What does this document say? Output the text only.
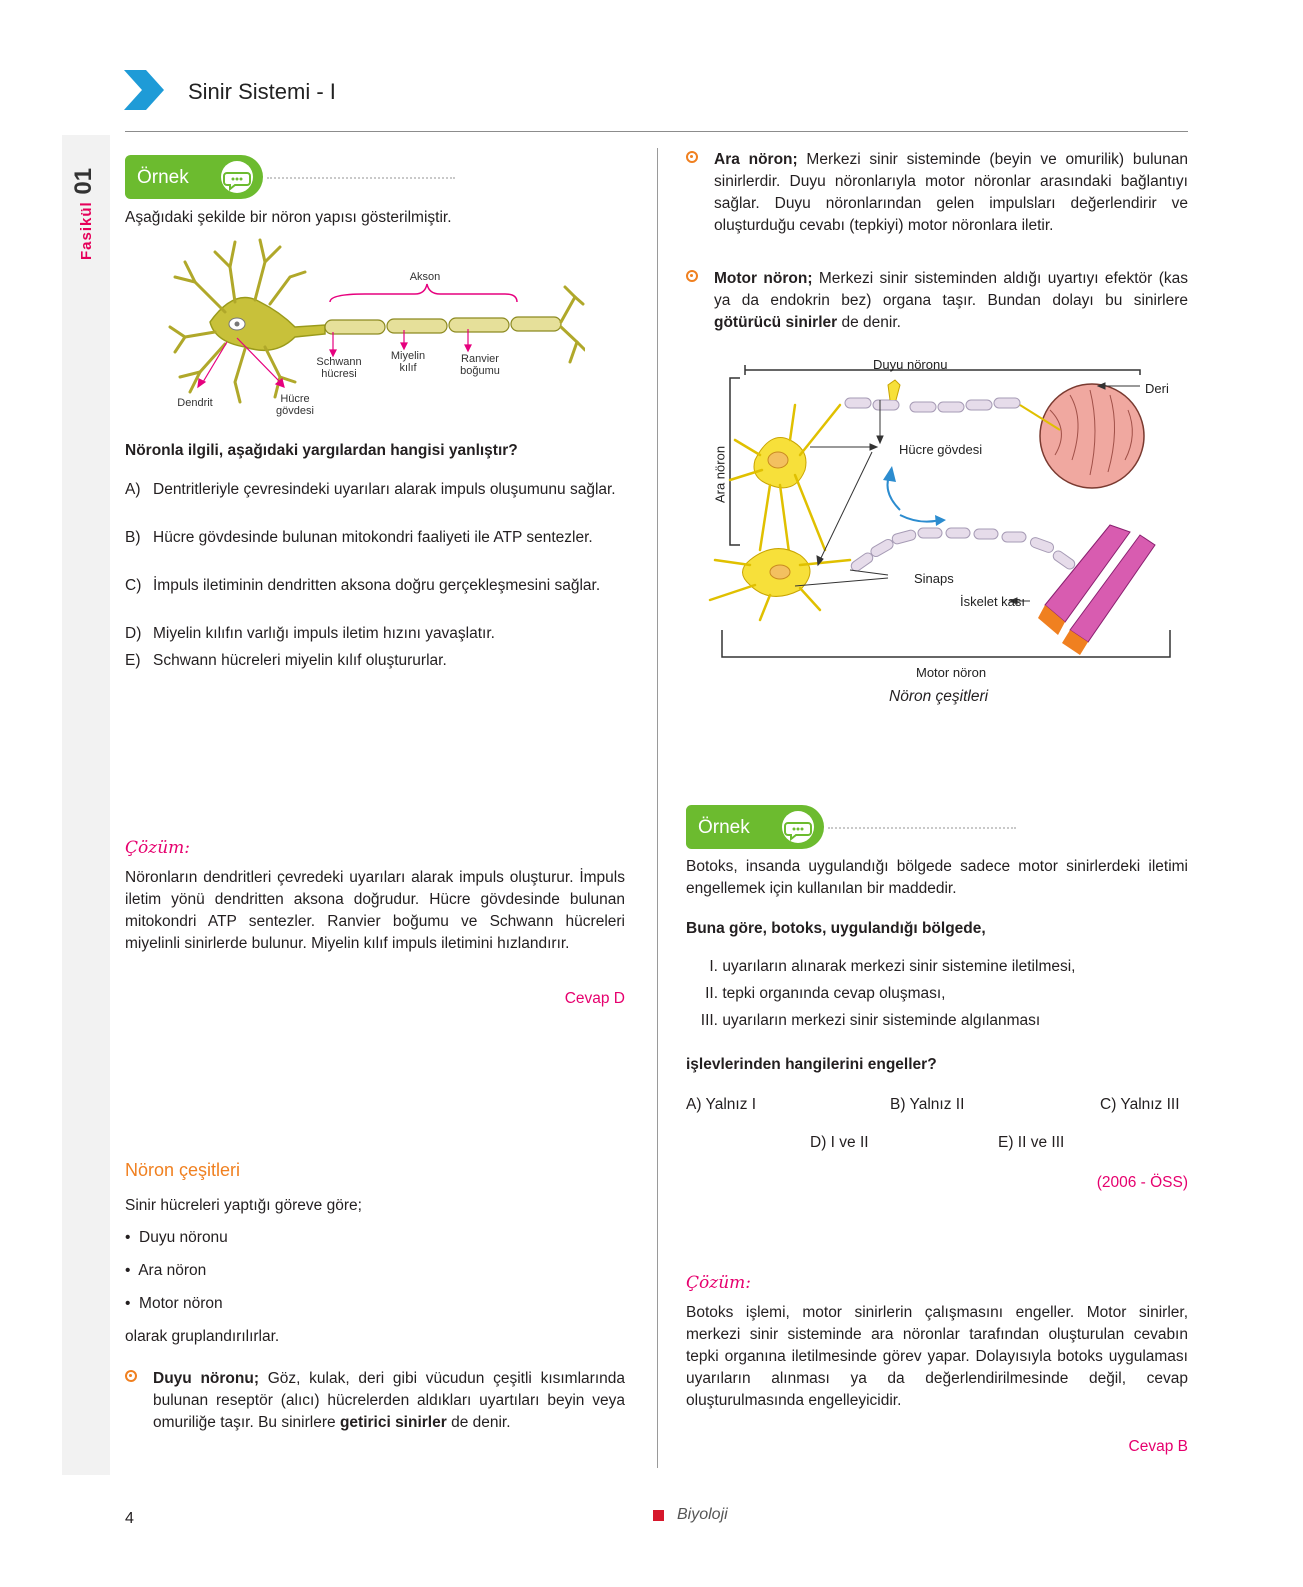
Sinir Sistemi - I
Fasikül 01 Örnek
Aşağıdaki şekilde bir nöron yapısı gösterilmiştir.
Akson
Schwann hücresi
Miyelin kılıf
Ranvier boğumu
Dendrit	Hücre gövdesi
Nöronla ilgili, aşağıdaki yargılardan hangisi yanlıştır?
A) Dentritleriyle çevresindeki uyarıları alarak impuls oluşumunu sağlar.
B) Hücre gövdesinde bulunan mitokondri faaliyeti ile ATP sentezler.
C) İmpuls iletiminin dendritten aksona doğru gerçekleşmesini sağlar.
D) Miyelin kılıfın varlığı impuls iletim hızını yavaşlatır.
E) Schwann hücreleri miyelin kılıf oluştururlar.
Çözüm:
Nöronların dendritleri çevredeki uyarıları alarak impuls oluşturur. İmpuls iletim yönü dendritten aksona doğrudur. Hücre gövdesinde bulunan mitokondri ATP sentezler. Ranvier boğumu ve Schwann hücreleri miyelinli sinirlerde bulunur. Miyelin kılıf impuls iletimini hızlandırır.
Cevap D
Nöron çeşitleri
Sinir hücreleri yaptığı göreve göre;
•  Duyu nöronu
•  Ara nöron
•  Motor nöron
olarak gruplandırılırlar.
Duyu nöronu; Göz, kulak, deri gibi vücudun çeşitli kısımlarında bulunan reseptör (alıcı) hücrelerden aldıkları uyartıları beyin veya omuriliğe taşır. Bu sinirlere getirici sinirler de denir.
Ara nöron; Merkezi sinir sisteminde (beyin ve omurilik) bulunan sinirlerdir. Duyu nöronlarıyla motor nöronlar arasındaki bağlantıyı sağlar. Duyu nöronlarından gelen impulsları değerlendirir ve oluşturduğu cevabı (tepkiyi) motor nöronlara iletir.
Motor nöron; Merkezi sinir sisteminden aldığı uyartıyı efektör (kas ya da endokrin bez) organa taşır. Bundan dolayı bu sinirlere götürücü sinirler de denir.
Duyu nöronu
Deri
Ara nöron	Hücre gövdesi
Sinaps
İskelet kası
Motor nöron
Nöron çeşitleri
Örnek
Botoks, insanda uygulandığı bölgede sadece motor sinirlerdeki iletimi engellemek için kullanılan bir maddedir.
Buna göre, botoks, uygulandığı bölgede,
I. uyarıların alınarak merkezi sinir sistemine iletilmesi,
II. tepki organında cevap oluşması,
III. uyarıların merkezi sinir sisteminde algılanması
işlevlerinden hangilerini engeller?
A) Yalnız I	B) Yalnız II	C) Yalnız III
D) I ve II	E) II ve III
(2006 - ÖSS)
Çözüm:
Botoks işlemi, motor sinirlerin çalışmasını engeller. Motor sinirler, merkezi sinir sisteminde ara nöronlar tarafından oluşturulan cevabın tepki organına iletilmesinde görev yapar. Dolayısıyla botoks uygulaması uyarıların alınması ya da değerlendirilmesinde değil, cevap oluşturulmasında engelleyicidir.
Cevap B
4	Biyoloji
